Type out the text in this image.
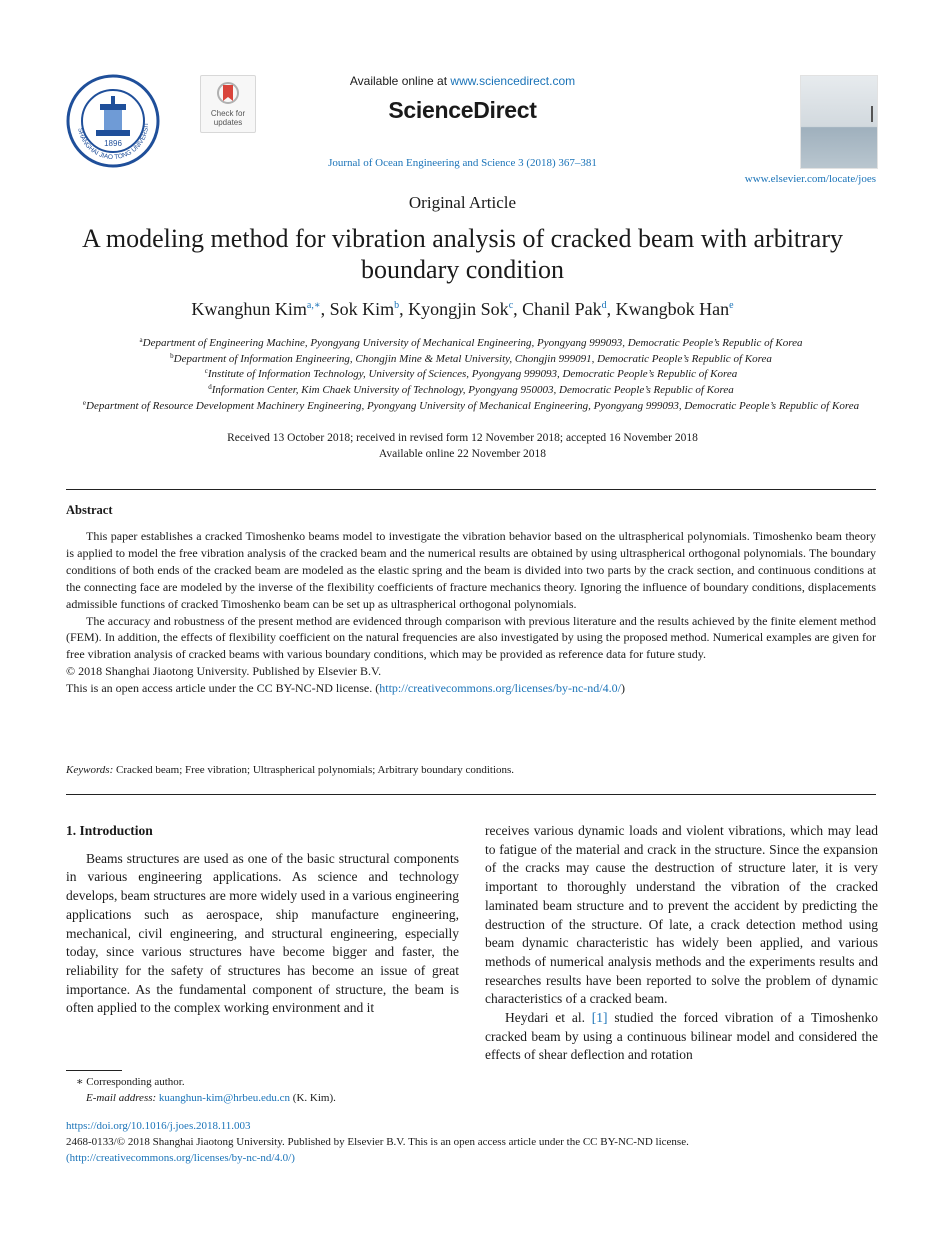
1896
SHANGHAI JIAO TONG UNIVERSIT
Check for updates
Available online at www.sciencedirect.com
ScienceDirect
Journal of Ocean Engineering and Science 3 (2018) 367–381
www.elsevier.com/locate/joes
Original Article
A modeling method for vibration analysis of cracked beam with arbitrary boundary condition
Kwanghun Kim$^{a,∗}$, Sok Kim$^b$, Kyongjin Sok$^c$, Chanil Pak$^d$, Kwangbok Han$^e$
$^a$Department of Engineering Machine, Pyongyang University of Mechanical Engineering, Pyongyang 999093, Democratic People’s Republic of Korea
$^b$Department of Information Engineering, Chongjin Mine & Metal University, Chongjin 999091, Democratic People’s Republic of Korea
$^c$Institute of Information Technology, University of Sciences, Pyongyang 999093, Democratic People’s Republic of Korea
$^d$Information Center, Kim Chaek University of Technology, Pyongyang 950003, Democratic People’s Republic of Korea
$^e$Department of Resource Development Machinery Engineering, Pyongyang University of Mechanical Engineering, Pyongyang 999093, Democratic People’s Republic of Korea
Received 13 October 2018; received in revised form 12 November 2018; accepted 16 November 2018
Available online 22 November 2018
Abstract

This paper establishes a cracked Timoshenko beams model to investigate the vibration behavior based on the ultraspherical polynomials. Timoshenko beam theory is applied to model the free vibration analysis of the cracked beam and the numerical results are obtained by using ultraspherical orthogonal polynomials. The boundary conditions of both ends of the cracked beam are modeled as the elastic spring and the beam is divided into two parts by the crack section, and continuous conditions at the connecting face are modeled by the inverse of the flexibility coefficients of fracture mechanics theory. Ignoring the influence of boundary conditions, displacements admissible functions of cracked Timoshenko beam can be set up as ultraspherical orthogonal polynomials.

The accuracy and robustness of the present method are evidenced through comparison with previous literature and the results achieved by the finite element method (FEM). In addition, the effects of flexibility coefficient on the natural frequencies are also investigated by using the proposed method. Numerical examples are given for free vibration analysis of cracked beams with various boundary conditions, which may be provided as reference data for future study.

© 2018 Shanghai Jiaotong University. Published by Elsevier B.V.

This is an open access article under the CC BY-NC-ND license. (http://creativecommons.org/licenses/by-nc-nd/4.0/)

Keywords: Cracked beam; Free vibration; Ultraspherical polynomials; Arbitrary boundary conditions.

1. Introduction

Beams structures are used as one of the basic structural components in various engineering applications. As science and technology develops, beam structures are more widely used in a various engineering applications such as aerospace, ship manufacture engineering, mechanical, civil engineering, and structural engineering, especially today, since various structures have become bigger and faster, the reliability for the safety of structures has become an issue of great importance. As the fundamental component of structure, the beam is often applied to the complex working environment and it

receives various dynamic loads and violent vibrations, which may lead to fatigue of the material and crack in the structure. Since the expansion of the cracks may cause the destruction of structure later, it is very important to thoroughly understand the vibration of the cracked laminated beam structure and to prevent the accident by predicting the destruction of the structure. Of late, a crack detection method using beam dynamic characteristic has widely been applied, and various methods of numerical analysis methods and the experiments results and researches results have been reported to solve the problem of dynamic characteristics of a cracked beam.

Heydari et al. [1] studied the forced vibration of a Timoshenko cracked beam by using a continuous bilinear model and considered the effects of shear deflection and rotation

∗ Corresponding author.
E-mail address: kuanghun-kim@hrbeu.edu.cn (K. Kim).
https://doi.org/10.1016/j.joes.2018.11.003
2468-0133/© 2018 Shanghai Jiaotong University. Published by Elsevier B.V. This is an open access article under the CC BY-NC-ND license.
(http://creativecommons.org/licenses/by-nc-nd/4.0/)
